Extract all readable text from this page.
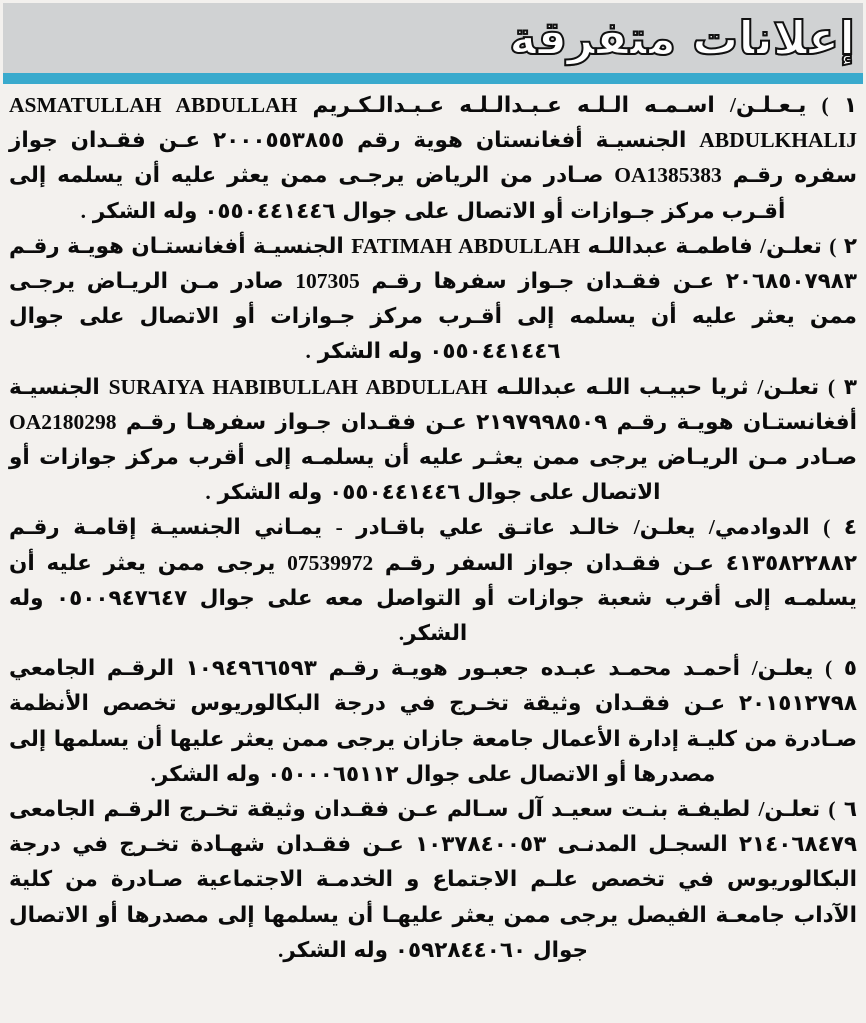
إعلانات متفرقة

١ ) يـعـلـن/ اسـمـه الـلـه عـبـدالـلـه عـبـدالـكـريم ASMATULLAH ABDULLAH ABDULKHALIJ الجنسيـة أفغانستان هوية رقم ٢٠٠٠٥٥٣٨٥٥ عـن فقـدان جواز سفره رقـم OA1385383 صـادر من الرياض يرجـى ممن يعثر عليه أن يسلمه إلى أقـرب مركز جـوازات أو الاتصال على جوال ٠٥٥٠٤٤١٤٤٦ وله الشكر .

٢ ) تعلـن/ فاطمـة عبداللـه FATIMAH ABDULLAH الجنسيـة أفغانستـان هويـة رقـم ٢٠٦٨٥٠٧٩٨٣ عـن فقـدان جـواز سفرها رقـم 107305 صادر مـن الريـاض يرجـى ممن يعثر عليه أن يسلمه إلى أقـرب مركز جـوازات أو الاتصال على جوال ٠٥٥٠٤٤١٤٤٦ وله الشكر .

٣ ) تعلـن/ ثريا حبيـب اللـه عبداللـه SURAIYA HABIBULLAH ABDULLAH الجنسيـة أفغانستـان هويـة رقـم ٢١٩٧٩٩٨٥٠٩ عـن فقـدان جـواز سفرهـا رقـم OA2180298 صـادر مـن الريـاض يرجى ممن يعثـر عليه أن يسلمـه إلى أقرب مركز جوازات أو الاتصال على جوال ٠٥٥٠٤٤١٤٤٦ وله الشكر .

٤ ) الدوادمي/ يعلـن/ خالـد عاتـق علي باقـادر - يمـاني الجنسيـة إقامـة رقـم ٤١٣٥٨٢٢٨٨٢ عـن فقـدان جواز السفر رقـم 07539972 يرجى ممن يعثر عليه أن يسلمـه إلى أقرب شعبة جوازات أو التواصل معه على جوال ٠٥٠٠٩٤٧٦٤٧ وله الشكر.

٥ ) يعلـن/ أحمـد محمـد عبـده جعبـور هويـة رقـم ١٠٩٤٩٦٦٥٩٣ الرقـم الجامعي ٢٠١٥١٢٧٩٨ عـن فقـدان وثيقة تخـرج في درجة البكالوريوس تخصص الأنظمة صـادرة من كليـة إدارة الأعمال جامعة جازان يرجى ممن يعثر عليها أن يسلمها إلى مصدرها أو الاتصال على جوال ٠٥٠٠٠٦٥١١٢ وله الشكر.

٦ ) تعلـن/ لطيفـة بنـت سعيـد آل سـالم عـن فقـدان وثيقة تخـرج الرقـم الجامعى ٢١٤٠٦٨٤٧٩ السجـل المدنـى ١٠٣٧٨٤٠٠٥٣ عـن فقـدان شهـادة تخـرج في درجة البكالوريوس في تخصص علـم الاجتماع و الخدمـة الاجتماعية صـادرة من كلية الآداب جامعـة الفيصل يرجى ممن يعثر عليهـا أن يسلمها إلى مصدرها أو الاتصال جوال ٠٥٩٢٨٤٤٠٦٠ وله الشكر.
